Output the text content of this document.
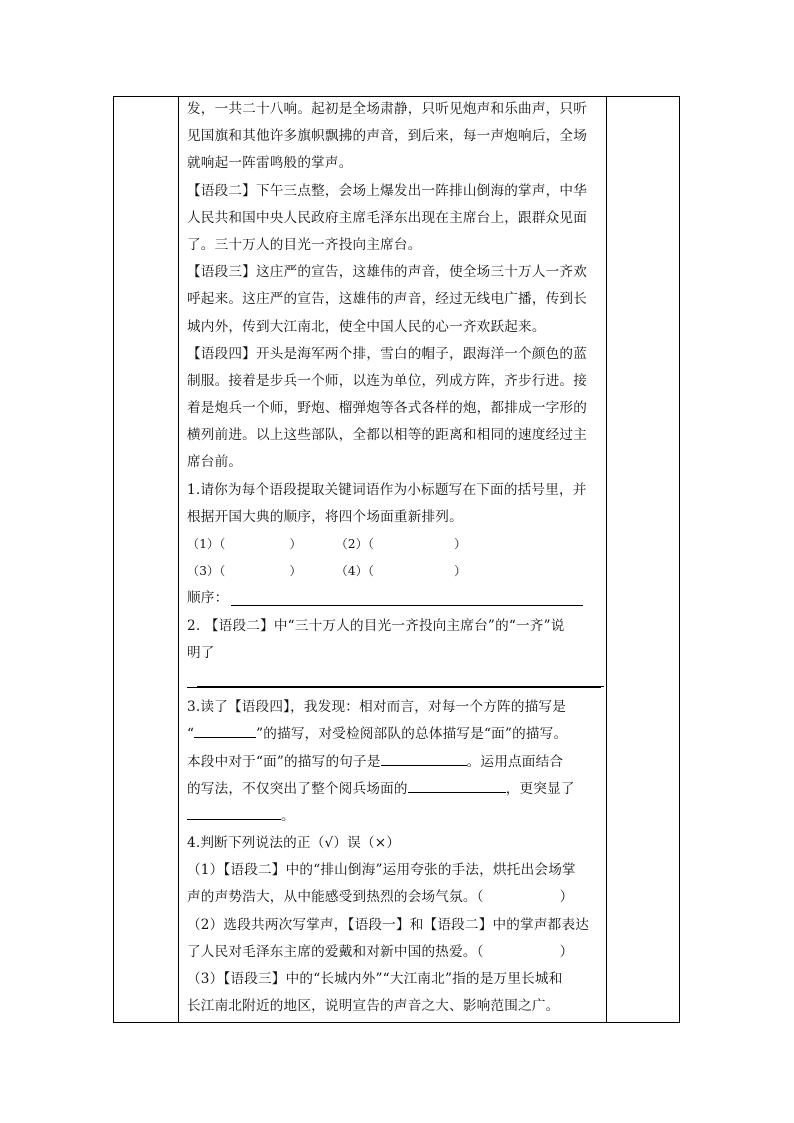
发，一共二十八响。起初是全场肃静，只听见炮声和乐曲声，只听
见国旗和其他许多旗帜飘拂的声音，到后来，每一声炮响后，全场
就响起一阵雷鸣般的掌声。
【语段二】下午三点整，会场上爆发出一阵排山倒海的掌声，中华
人民共和国中央人民政府主席毛泽东出现在主席台上，跟群众见面
了。三十万人的目光一齐投向主席台。
【语段三】这庄严的宣告，这雄伟的声音，使全场三十万人一齐欢
呼起来。这庄严的宣告，这雄伟的声音，经过无线电广播，传到长
城内外，传到大江南北，使全中国人民的心一齐欢跃起来。
【语段四】开头是海军两个排，雪白的帽子，跟海洋一个颜色的蓝
制服。接着是步兵一个师，以连为单位，列成方阵，齐步行进。接
着是炮兵一个师，野炮、榴弹炮等各式各样的炮，都排成一字形的
横列前进。以上这些部队，全都以相等的距离和相同的速度经过主
席台前。
1.请你为每个语段提取关键词语作为小标题写在下面的括号里，并
根据开国大典的顺序，将四个场面重新排列。
（1）（	）	（2）（	）
（3）（	）	（4）（	）
顺序：
2. 【语段二】中“三十万人的目光一齐投向主席台”的“一齐”说
明了
3.读了【语段四】，我发现：相对而言，对每一个方阵的描写是
“	”的描写，对受检阅部队的总体描写是“面”的描写。
本段中对于“面”的描写的句子是	。运用点面结合
的写法，不仅突出了整个阅兵场面的	，更突显了
。
4.判断下列说法的正（√）误（×）
（1）【语段二】中的“排山倒海”运用夸张的手法，烘托出会场掌
声的声势浩大，从中能感受到热烈的会场气氛。（	）
（2）选段共两次写掌声，【语段一】和【语段二】中的掌声都表达
了人民对毛泽东主席的爱戴和对新中国的热爱。（	）
（3）【语段三】中的“长城内外”“大江南北”指的是万里长城和
长江南北附近的地区，说明宣告的声音之大、影响范围之广。
